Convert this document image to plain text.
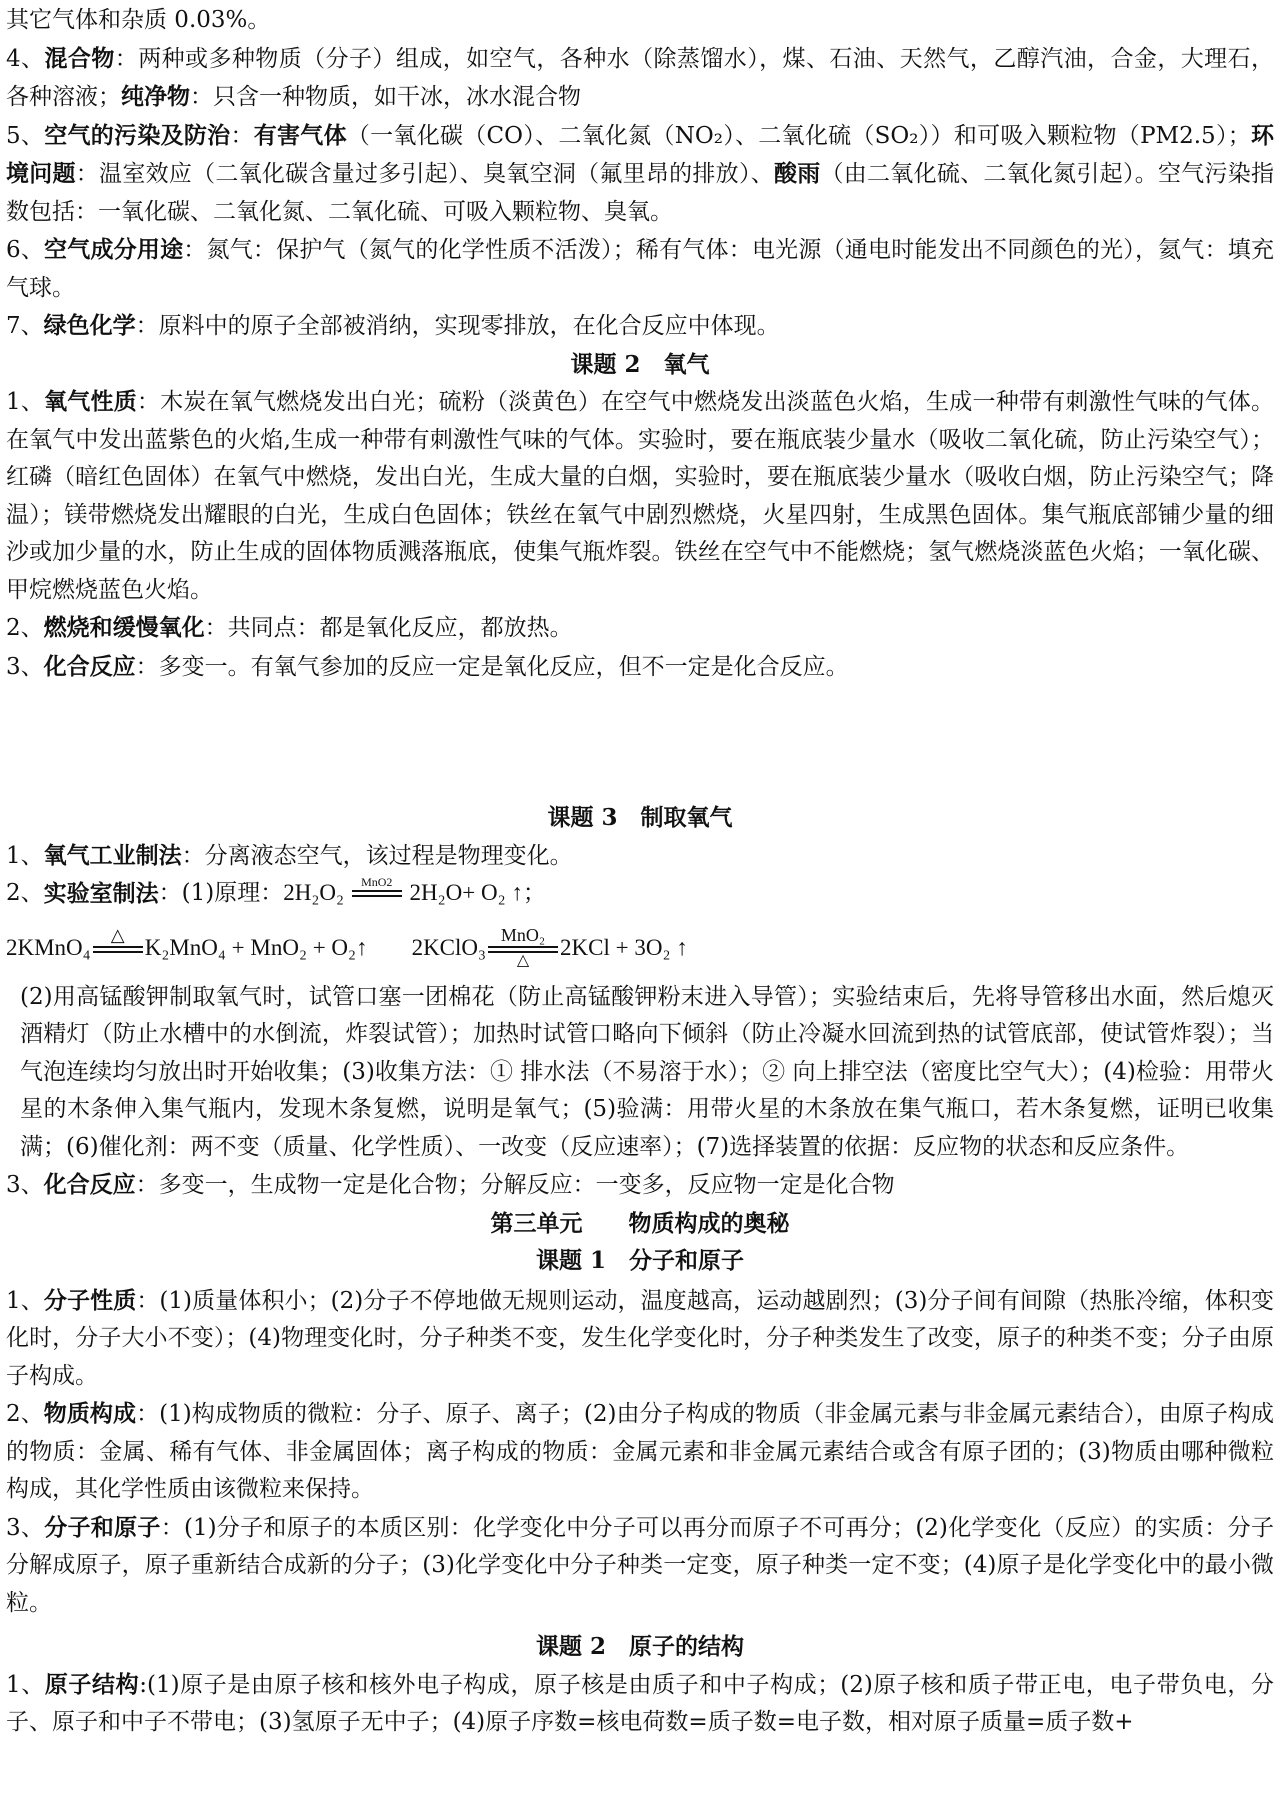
其它气体和杂质 0.03%。

4、混合物：两种或多种物质（分子）组成，如空气，各种水（除蒸馏水），煤、石油、天然气，乙醇汽油，合金，大理石，各种溶液；纯净物：只含一种物质，如干冰，冰水混合物

5、空气的污染及防治：有害气体（一氧化碳（CO）、二氧化氮（NO₂）、二氧化硫（SO₂））和可吸入颗粒物（PM2.5）；环境问题：温室效应（二氧化碳含量过多引起）、臭氧空洞（氟里昂的排放）、酸雨（由二氧化硫、二氧化氮引起）。空气污染指数包括：一氧化碳、二氧化氮、二氧化硫、可吸入颗粒物、臭氧。

6、空气成分用途：氮气：保护气（氮气的化学性质不活泼）；稀有气体：电光源（通电时能发出不同颜色的光），氦气：填充气球。

7、绿色化学：原料中的原子全部被消纳，实现零排放，在化合反应中体现。

课题 2　氧气

1、氧气性质：木炭在氧气燃烧发出白光；硫粉（淡黄色）在空气中燃烧发出淡蓝色火焰，生成一种带有刺激性气味的气体。在氧气中发出蓝紫色的火焰,生成一种带有刺激性气味的气体。实验时，要在瓶底装少量水（吸收二氧化硫，防止污染空气）；红磷（暗红色固体）在氧气中燃烧，发出白光，生成大量的白烟，实验时，要在瓶底装少量水（吸收白烟，防止污染空气；降温）；镁带燃烧发出耀眼的白光，生成白色固体；铁丝在氧气中剧烈燃烧，火星四射，生成黑色固体。集气瓶底部铺少量的细沙或加少量的水，防止生成的固体物质溅落瓶底，使集气瓶炸裂。铁丝在空气中不能燃烧；氢气燃烧淡蓝色火焰；一氧化碳、甲烷燃烧蓝色火焰。

2、燃烧和缓慢氧化：共同点：都是氧化反应，都放热。

3、化合反应：多变一。有氧气参加的反应一定是氧化反应，但不一定是化合反应。

课题 3　制取氧气

1、氧气工业制法：分离液态空气，该过程是物理变化。

2、 实验室制法 ：(1)原理： 2H₂O₂ MnO2 2H₂O+ O₂ ↑；
2KMnO₄ △ K₂MnO₄ + MnO₂ + O₂↑ 2KClO₃ MnO₂
△
2KCl + 3O₂ ↑

(2)用高锰酸钾制取氧气时，试管口塞一团棉花（防止高锰酸钾粉末进入导管）；实验结束后，先将导管移出水面，然后熄灭酒精灯（防止水槽中的水倒流，炸裂试管）；加热时试管口略向下倾斜（防止冷凝水回流到热的试管底部，使试管炸裂）；当气泡连续均匀放出时开始收集；(3)收集方法：① 排水法（不易溶于水）；② 向上排空法（密度比空气大）；(4)检验：用带火星的木条伸入集气瓶内，发现木条复燃，说明是氧气；(5)验满：用带火星的木条放在集气瓶口，若木条复燃，证明已收集满；(6)催化剂：两不变（质量、化学性质）、一改变（反应速率）；(7)选择装置的依据：反应物的状态和反应条件。

3、化合反应：多变一，生成物一定是化合物；分解反应：一变多，反应物一定是化合物

第三单元　　物质构成的奥秘

课题 1　分子和原子

1、分子性质：(1)质量体积小；(2)分子不停地做无规则运动，温度越高，运动越剧烈；(3)分子间有间隙（热胀冷缩，体积变化时，分子大小不变）；(4)物理变化时，分子种类不变，发生化学变化时，分子种类发生了改变，原子的种类不变；分子由原子构成。

2、物质构成：(1)构成物质的微粒：分子、原子、离子；(2)由分子构成的物质（非金属元素与非金属元素结合），由原子构成的物质：金属、稀有气体、非金属固体；离子构成的物质：金属元素和非金属元素结合或含有原子团的；(3)物质由哪种微粒构成，其化学性质由该微粒来保持。

3、分子和原子：(1)分子和原子的本质区别：化学变化中分子可以再分而原子不可再分；(2)化学变化（反应）的实质：分子分解成原子，原子重新结合成新的分子；(3)化学变化中分子种类一定变，原子种类一定不变；(4)原子是化学变化中的最小微粒。

课题 2　原子的结构

1、原子结构:(1)原子是由原子核和核外电子构成，原子核是由质子和中子构成；(2)原子核和质子带正电，电子带负电，分子、原子和中子不带电；(3)氢原子无中子；(4)原子序数=核电荷数=质子数=电子数，相对原子质量=质子数+
